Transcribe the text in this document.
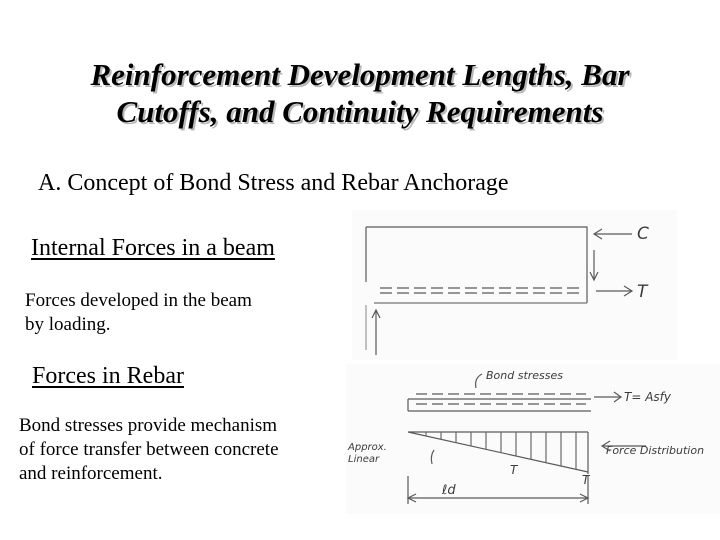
Reinforcement Development Lengths, Bar
Cutoffs, and Continuity Requirements
A. Concept of Bond Stress and Rebar Anchorage
Internal Forces in a beam
Forces developed in the beam
by loading.
Forces in Rebar
Bond stresses provide mechanism
of force transfer between concrete
and reinforcement.
C
T
Bond stresses
T= Asfy
Force Distribution
Approx.
Linear
T
T
ℓd
